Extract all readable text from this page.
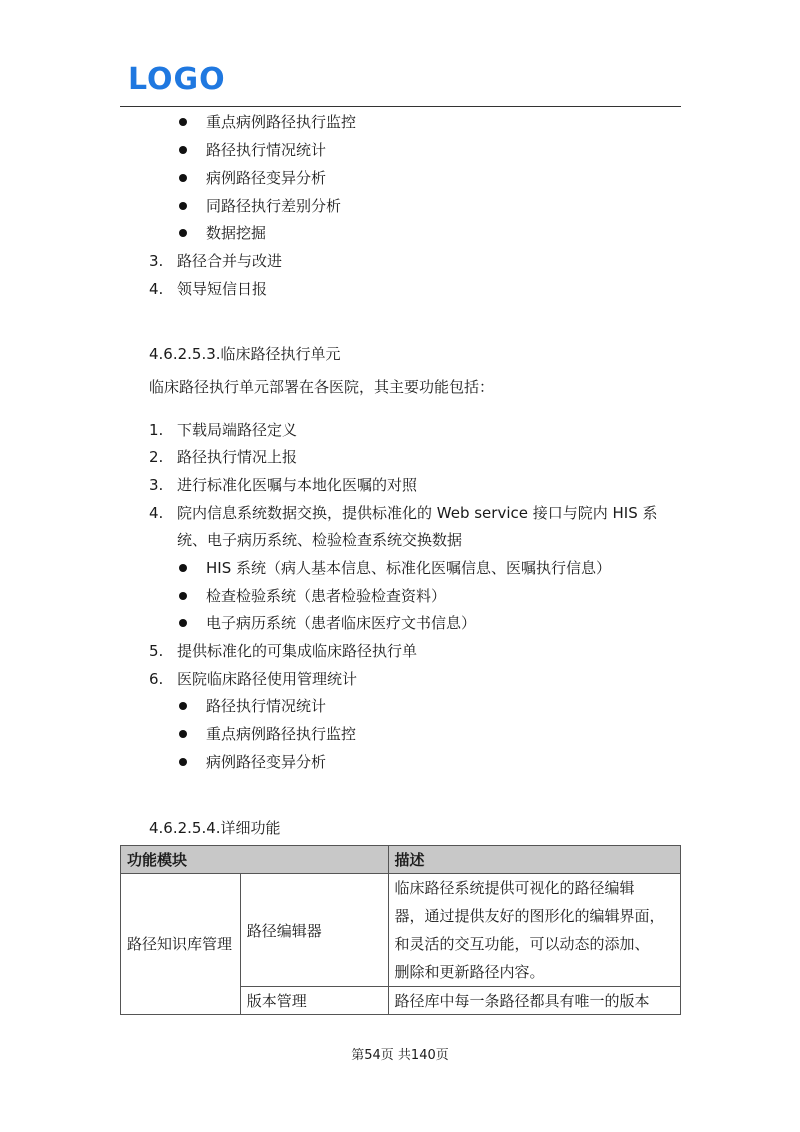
LOGO
重点病例路径执行监控
路径执行情况统计
病例路径变异分析
同路径执行差别分析
数据挖掘
3. 路径合并与改进
4. 领导短信日报
4.6.2.5.3.临床路径执行单元
临床路径执行单元部署在各医院，其主要功能包括：
1. 下载局端路径定义
2. 路径执行情况上报
3. 进行标准化医嘱与本地化医嘱的对照
4. 院内信息系统数据交换，提供标准化的 Web service 接口与院内 HIS 系
统、电子病历系统、检验检查系统交换数据
HIS 系统（病人基本信息、标准化医嘱信息、医嘱执行信息）
检查检验系统（患者检验检查资料）
电子病历系统（患者临床医疗文书信息）
5. 提供标准化的可集成临床路径执行单
6. 医院临床路径使用管理统计
路径执行情况统计
重点病例路径执行监控
病例路径变异分析
4.6.2.5.4.详细功能
功能模块		描述
路径知识库管理	路径编辑器	临床路径系统提供可视化的路径编辑
器，通过提供友好的图形化的编辑界面，
和灵活的交互功能，可以动态的添加、
删除和更新路径内容。

	版本管理	路径库中每一条路径都具有唯一的版本
第54页 共140页
